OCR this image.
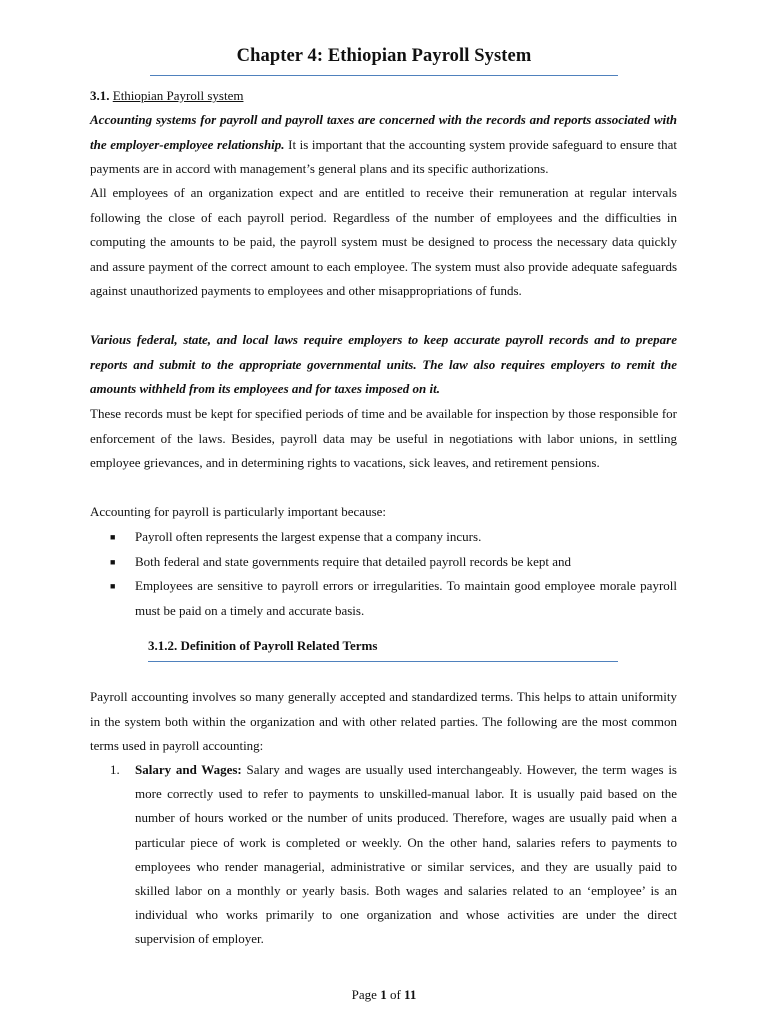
Chapter 4: Ethiopian Payroll System
3.1. Ethiopian Payroll system
Accounting systems for payroll and payroll taxes are concerned with the records and reports associated with the employer-employee relationship. It is important that the accounting system provide safeguard to ensure that payments are in accord with management’s general plans and its specific authorizations.
All employees of an organization expect and are entitled to receive their remuneration at regular intervals following the close of each payroll period. Regardless of the number of employees and the difficulties in computing the amounts to be paid, the payroll system must be designed to process the necessary data quickly and assure payment of the correct amount to each employee. The system must also provide adequate safeguards against unauthorized payments to employees and other misappropriations of funds.
Various federal, state, and local laws require employers to keep accurate payroll records and to prepare reports and submit to the appropriate governmental units. The law also requires employers to remit the amounts withheld from its employees and for taxes imposed on it.
These records must be kept for specified periods of time and be available for inspection by those responsible for enforcement of the laws. Besides, payroll data may be useful in negotiations with labor unions, in settling employee grievances, and in determining rights to vacations, sick leaves, and retirement pensions.
Accounting for payroll is particularly important because:
■	Payroll often represents the largest expense that a company incurs.
■	Both federal and state governments require that detailed payroll records be kept and
■	Employees are sensitive to payroll errors or irregularities. To maintain good employee morale payroll must be paid on a timely and accurate basis.
3.1.2. Definition of Payroll Related Terms
Payroll accounting involves so many generally accepted and standardized terms. This helps to attain uniformity in the system both within the organization and with other related parties. The following are the most common terms used in payroll accounting:
1.	Salary and Wages: Salary and wages are usually used interchangeably. However, the term wages is more correctly used to refer to payments to unskilled-manual labor. It is usually paid based on the number of hours worked or the number of units produced. Therefore, wages are usually paid when a particular piece of work is completed or weekly. On the other hand, salaries refers to payments to employees who render managerial, administrative or similar services, and they are usually paid to skilled labor on a monthly or yearly basis. Both wages and salaries related to an ‘employee’ is an individual who works primarily to one organization and whose activities are under the direct supervision of employer.
Page 1 of 11
